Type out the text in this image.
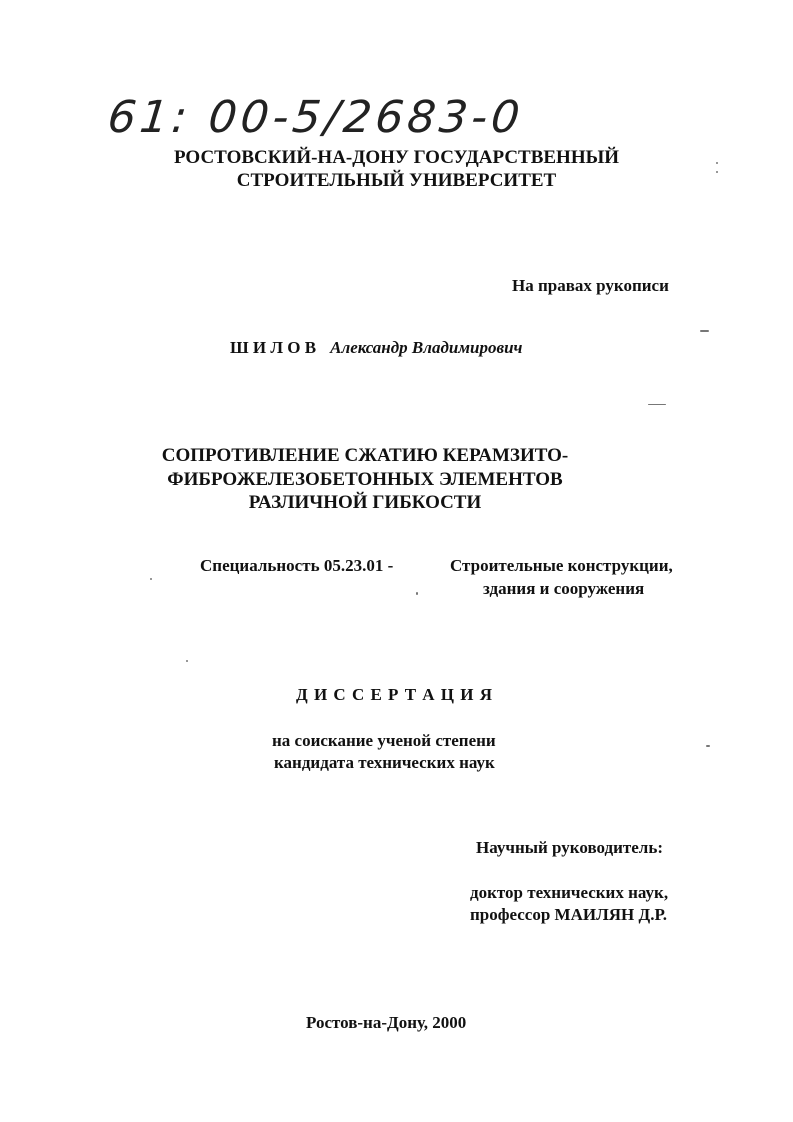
61: 00-5/2683-0
РОСТОВСКИЙ-НА-ДОНУ ГОСУДАРСТВЕННЫЙ
СТРОИТЕЛЬНЫЙ УНИВЕРСИТЕТ
На правах рукописи
Ш И Л О В Александр Владимирович
СОПРОТИВЛЕНИЕ СЖАТИЮ КЕРАМЗИТО-
ФИБРОЖЕЛЕЗОБЕТОННЫХ ЭЛЕМЕНТОВ
РАЗЛИЧНОЙ ГИБКОСТИ
Специальность 05.23.01 -	Строительные конструкции,
здания и сооружения
Д И С С Е Р Т А Ц И Я
на соискание ученой степени
кандидата технических наук
Научный руководитель:
доктор технических наук,
профессор МАИЛЯН Д.Р.
Ростов-на-Дону, 2000
